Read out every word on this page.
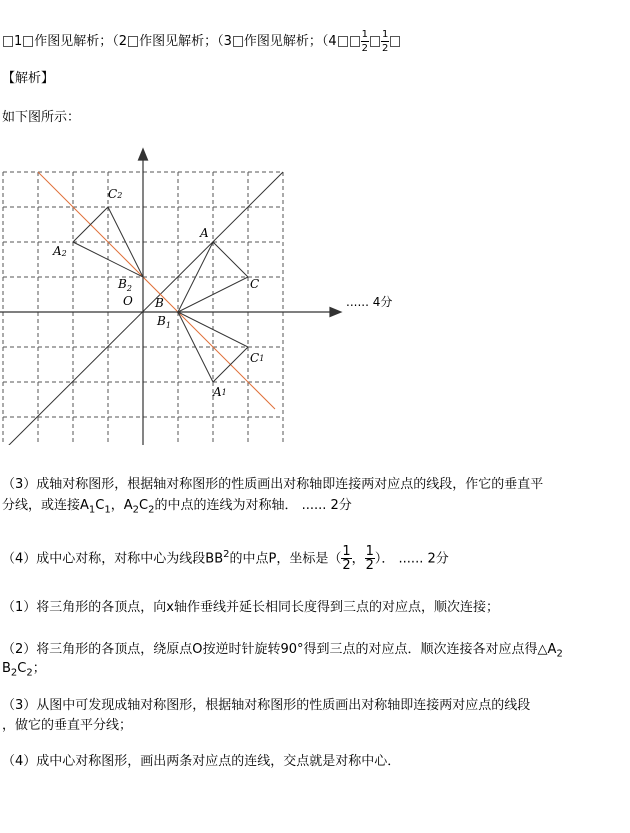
1 作图见解析；（2 作图见解析；（3 作图见解析；（$4 \frac{1}{2} \frac{1}{2}$
【解析】
如下图所示：
A
C
B
O
$B_1$
C1
A1
A2
C2
$B_2$
...... 4分
（3）成轴对称图形，根据轴对称图形的性质画出对称轴即连接两对应点的线段，作它的垂直平
分线，或连接$A_1C_1$，$A_2C_2$的中点的连线为对称轴． ...... 2分
（4）成中心对称，对称中心为线段$BB^2$的中点P，坐标是（ $\frac{1}{2}$ ， $\frac{1}{2}$ ）． ...... 2分
（1）将三角形的各顶点，向x轴作垂线并延长相同长度得到三点的对应点，顺次连接；
（2）将三角形的各顶点，绕原点O按逆时针旋转90°得到三点的对应点．顺次连接各对应点得$\triangle A_2$
$B_2C_2$；
（3）从图中可发现成轴对称图形，根据轴对称图形的性质画出对称轴即连接两对应点的线段
，做它的垂直平分线；
（4）成中心对称图形，画出两条对应点的连线，交点就是对称中心．
